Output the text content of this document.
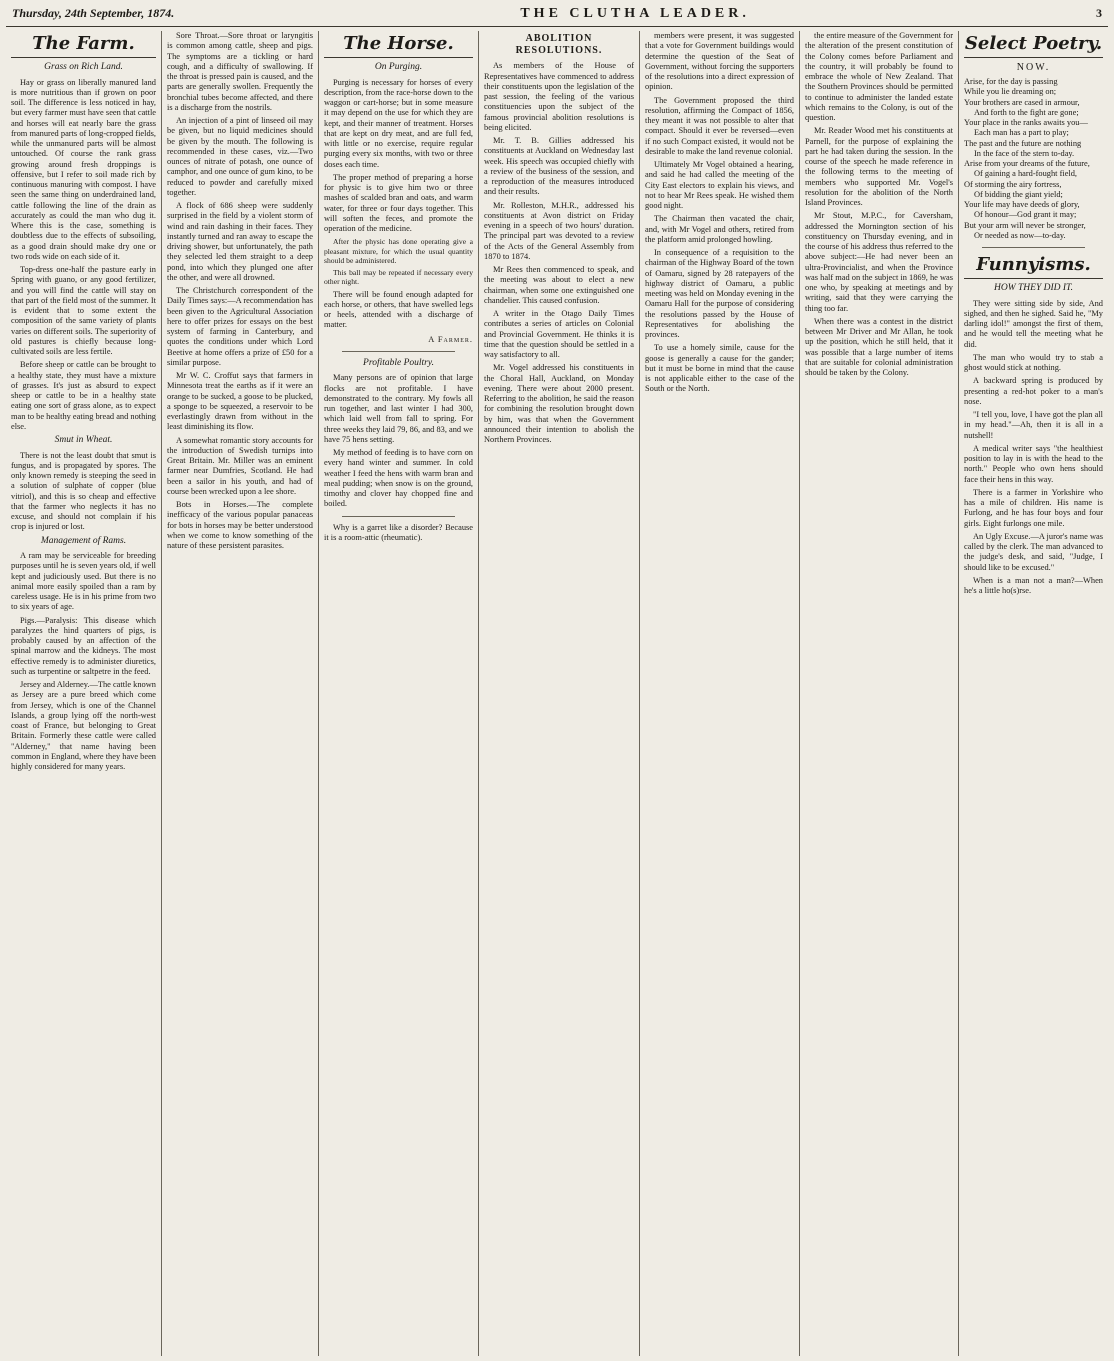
Thursday, 24th September, 1874.	THE CLUTHA LEADER.	3
The Farm.
Grass on Rich Land.

Hay or grass on liberally manured land is more nutritious than if grown on poor soil. The difference is less noticed in hay, but every farmer must have seen that cattle and horses will eat nearly bare the grass from manured parts of long-cropped fields, while the unmanured parts will be almost untouched. Of course the rank grass growing around fresh droppings is offensive, but I refer to soil made rich by continuous manuring with compost. I have seen the same thing on underdrained land, cattle following the line of the drain as accurately as could the man who dug it. Where this is the case, something is doubtless due to the effects of subsoiling, as a good drain should make dry one or two rods wide on each side of it.

Top-dress one-half the pasture early in Spring with guano, or any good fertilizer, and you will find the cattle will stay on that part of the field most of the summer. It is evident that to some extent the composition of the same variety of plants varies on different soils. The superiority of old pastures is chiefly because long-cultivated soils are less fertile.

Before sheep or cattle can be brought to a healthy state, they must have a mixture of grasses. It's just as absurd to expect sheep or cattle to be in a healthy state eating one sort of grass alone, as to expect man to be healthy eating bread and nothing else.

Smut in Wheat.

There is not the least doubt that smut is fungus, and is propagated by spores. The only known remedy is steeping the seed in a solution of sulphate of copper (blue vitriol), and this is so cheap and effective that the farmer who neglects it has no excuse, and should not complain if his crop is injured or lost.

Management of Rams.

A ram may be serviceable for breeding purposes until he is seven years old, if well kept and judiciously used. But there is no animal more easily spoiled than a ram by careless usage. He is in his prime from two to six years of age.

Pigs.—Paralysis: This disease which paralyzes the hind quarters of pigs, is probably caused by an affection of the spinal marrow and the kidneys. The most effective remedy is to administer diuretics, such as turpentine or saltpetre in the feed.

Jersey and Alderney.—The cattle known as Jersey are a pure breed which come from Jersey, which is one of the Channel Islands, a group lying off the north-west coast of France, but belonging to Great Britain. Formerly these cattle were called "Alderney," that name having been common in England, where they have been highly considered for many years.

Sore Throat.—Sore throat or laryngitis is common among cattle, sheep and pigs. The symptoms are a tickling or hard cough, and a difficulty of swallowing. If the throat is pressed pain is caused, and the parts are generally swollen. Frequently the bronchial tubes become affected, and there is a discharge from the nostrils.

An injection of a pint of linseed oil may be given, but no liquid medicines should be given by the mouth. The following is recommended in these cases, viz.—Two ounces of nitrate of potash, one ounce of camphor, and one ounce of gum kino, to be reduced to powder and carefully mixed together.

A flock of 686 sheep were suddenly surprised in the field by a violent storm of wind and rain dashing in their faces. They instantly turned and ran away to escape the driving shower, but unfortunately, the path they selected led them straight to a deep pond, into which they plunged one after the other, and were all drowned.

The Christchurch correspondent of the Daily Times says:—A recommendation has been given to the Agricultural Association here to offer prizes for essays on the best system of farming in Canterbury, and quotes the conditions under which Lord Beetive at home offers a prize of £50 for a similar purpose.

Mr W. C. Croffut says that farmers in Minnesota treat the earths as if it were an orange to be sucked, a goose to be plucked, a sponge to be squeezed, a reservoir to be everlastingly drawn from without in the least diminishing its flow.

A somewhat romantic story accounts for the introduction of Swedish turnips into Great Britain. Mr. Miller was an eminent farmer near Dumfries, Scotland. He had been a sailor in his youth, and had of course been wrecked upon a lee shore.

Bots in Horses.—The complete inefficacy of the various popular panaceas for bots in horses may be better understood when we come to know something of the nature of these persistent parasites.

The Horse.
On Purging.

Purging is necessary for horses of every description, from the race-horse down to the waggon or cart-horse; but in some measure it may depend on the use for which they are kept, and their manner of treatment. Horses that are kept on dry meat, and are full fed, with little or no exercise, require regular purging every six months, with two or three doses each time.

The proper method of preparing a horse for physic is to give him two or three mashes of scalded bran and oats, and warm water, for three or four days together. This will soften the feces, and promote the operation of the medicine.

After the physic has done operating give a pleasant mixture, for which the usual quantity should be administered.

This ball may be repeated if necessary every other night.

There will be found enough adapted for each horse, or others, that have swelled legs or heels, attended with a discharge of matter.

A Farmer.
Profitable Poultry.

Many persons are of opinion that large flocks are not profitable. I have demonstrated to the contrary. My fowls all run together, and last winter I had 300, which laid well from fall to spring. For three weeks they laid 79, 86, and 83, and we have 75 hens setting.

My method of feeding is to have corn on every hand winter and summer. In cold weather I feed the hens with warm bran and meal pudding; when snow is on the ground, timothy and clover hay chopped fine and boiled.

Why is a garret like a disorder? Because it is a room-attic (rheumatic).

ABOLITION RESOLUTIONS.

As members of the House of Representatives have commenced to address their constituents upon the legislation of the past session, the feeling of the various constituencies upon the subject of the famous provincial abolition resolutions is being elicited.

Mr. T. B. Gillies addressed his constituents at Auckland on Wednesday last week. His speech was occupied chiefly with a review of the business of the session, and a reproduction of the measures introduced and their results.

Mr. Rolleston, M.H.R., addressed his constituents at Avon district on Friday evening in a speech of two hours' duration. The principal part was devoted to a review of the Acts of the General Assembly from 1870 to 1874.

Mr Rees then commenced to speak, and the meeting was about to elect a new chairman, when some one extinguished one chandelier. This caused confusion.

A writer in the Otago Daily Times contributes a series of articles on Colonial and Provincial Government. He thinks it is time that the question should be settled in a way satisfactory to all.

Mr. Vogel addressed his constituents in the Choral Hall, Auckland, on Monday evening. There were about 2000 present. Referring to the abolition, he said the reason for combining the resolution brought down by him, was that when the Government announced their intention to abolish the Northern Provinces.

members were present, it was suggested that a vote for Government buildings would determine the question of the Seat of Government, without forcing the supporters of the resolutions into a direct expression of opinion.

The Government proposed the third resolution, affirming the Compact of 1856, they meant it was not possible to alter that compact. Should it ever be reversed—even if no such Compact existed, it would not be desirable to make the land revenue colonial.

Ultimately Mr Vogel obtained a hearing, and said he had called the meeting of the City East electors to explain his views, and not to hear Mr Rees speak. He wished them good night.

The Chairman then vacated the chair, and, with Mr Vogel and others, retired from the platform amid prolonged howling.

In consequence of a requisition to the chairman of the Highway Board of the town of Oamaru, signed by 28 ratepayers of the highway district of Oamaru, a public meeting was held on Monday evening in the Oamaru Hall for the purpose of considering the resolutions passed by the House of Representatives for abolishing the provinces.

To use a homely simile, cause for the goose is generally a cause for the gander; but it must be borne in mind that the cause is not applicable either to the case of the South or the North.

the entire measure of the Government for the alteration of the present constitution of the Colony comes before Parliament and the country, it will probably be found to embrace the whole of New Zealand. That the Southern Provinces should be permitted to continue to administer the landed estate which remains to the Colony, is out of the question.

Mr. Reader Wood met his constituents at Parnell, for the purpose of explaining the part he had taken during the session. In the course of the speech he made reference in the following terms to the meeting of members who supported Mr. Vogel's resolution for the abolition of the North Island Provinces.

Mr Stout, M.P.C., for Caversham, addressed the Mornington section of his constituency on Thursday evening, and in the course of his address thus referred to the above subject:—He had never been an ultra-Provincialist, and when the Province was half mad on the subject in 1869, he was one who, by speaking at meetings and by writing, said that they were carrying the thing too far.

When there was a contest in the district between Mr Driver and Mr Allan, he took up the position, which he still held, that it was possible that a large number of items that are suitable for colonial administration should be taken by the Colony.

Select Poetry.
NOW.
Arise, for the day is passing
While you lie dreaming on;
Your brothers are cased in armour,
And forth to the fight are gone;
Your place in the ranks awaits you—
Each man has a part to play;
The past and the future are nothing
In the face of the stern to-day.
Arise from your dreams of the future,
Of gaining a hard-fought field,
Of storming the airy fortress,
Of bidding the giant yield;
Your life may have deeds of glory,
Of honour—God grant it may;
But your arm will never be stronger,
Or needed as now—to-day.
Funnyisms.
HOW THEY DID IT.

They were sitting side by side, And sighed, and then he sighed. Said he, "My darling idol!" amongst the first of them, and he would tell the meeting what he did.

The man who would try to stab a ghost would stick at nothing.

A backward spring is produced by presenting a red-hot poker to a man's nose.

"I tell you, love, I have got the plan all in my head."—Ah, then it is all in a nutshell!

A medical writer says "the healthiest position to lay in is with the head to the north." People who own hens should face their hens in this way.

There is a farmer in Yorkshire who has a mile of children. His name is Furlong, and he has four boys and four girls. Eight furlongs one mile.

An Ugly Excuse.—A juror's name was called by the clerk. The man advanced to the judge's desk, and said, "Judge, I should like to be excused."

When is a man not a man?—When he's a little ho(s)rse.
